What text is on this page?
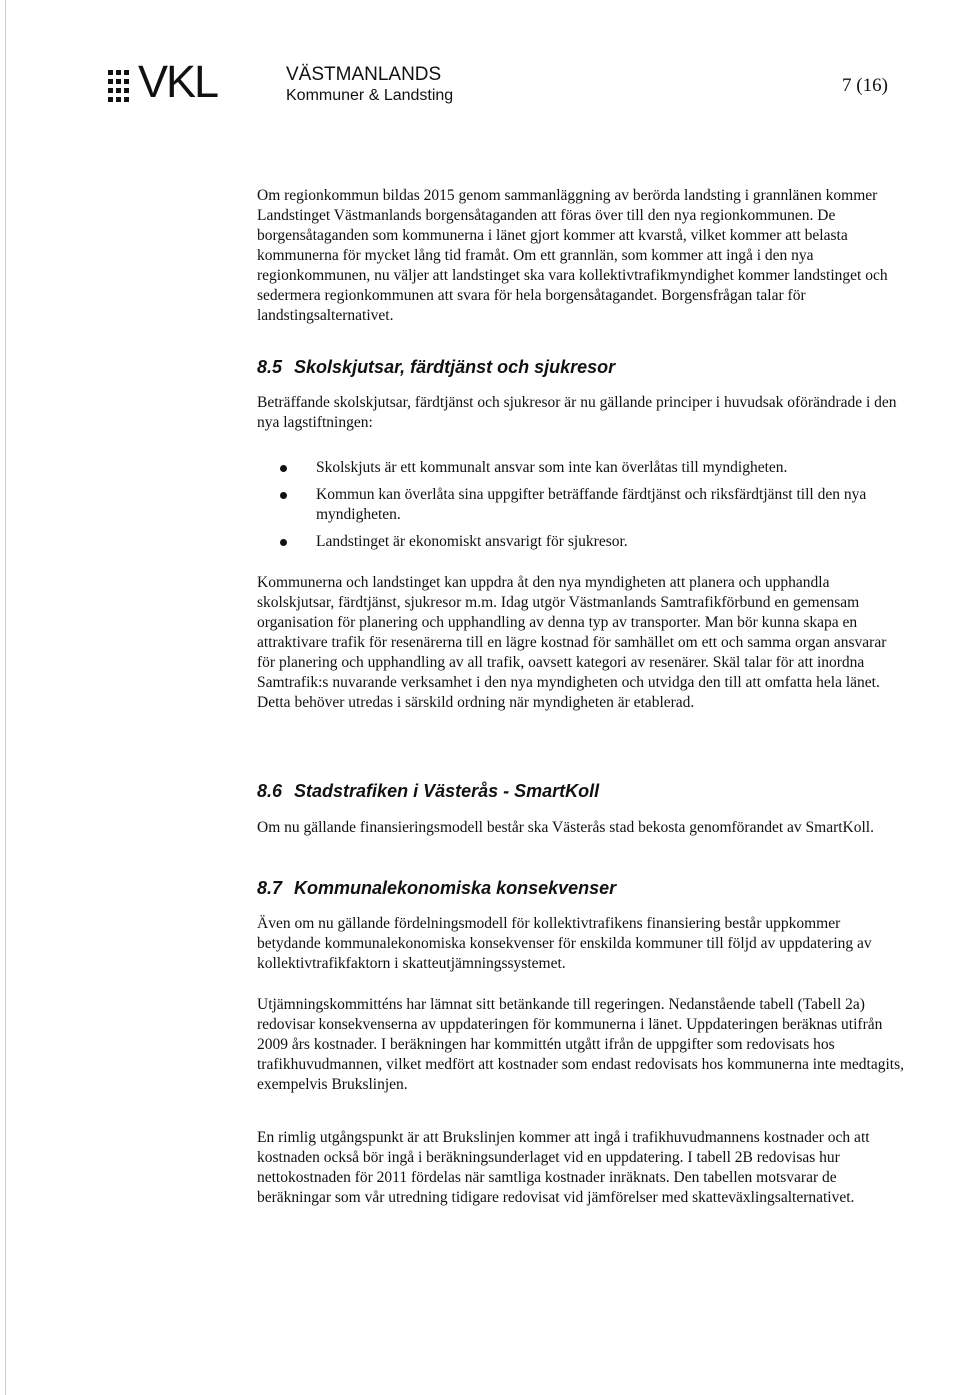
VKL	VÄSTMANLANDS
Kommuner & Landsting	7 (16)

Om regionkommun bildas 2015 genom sammanläggning av berörda landsting i grannlänen kommer Landstinget Västmanlands borgensåtaganden att föras över till den nya regionkommunen. De borgensåtaganden som kommunerna i länet gjort kommer att kvarstå, vilket kommer att belasta kommunerna för mycket lång tid framåt. Om ett grannlän, som kommer att ingå i den nya regionkommunen, nu väljer att landstinget ska vara kollektivtrafikmyndighet kommer landstinget och sedermera regionkommunen att svara för hela borgensåtagandet. Borgensfrågan talar för landstingsalternativet.

8.5 Skolskjutsar, färdtjänst och sjukresor

Beträffande skolskjutsar, färdtjänst och sjukresor är nu gällande principer i huvudsak oförändrade i den nya lagstiftningen:

Skolskjuts är ett kommunalt ansvar som inte kan överlåtas till myndigheten.
Kommun kan överlåta sina uppgifter beträffande färdtjänst och riksfärdtjänst till den nya myndigheten.
Landstinget är ekonomiskt ansvarigt för sjukresor.

Kommunerna och landstinget kan uppdra åt den nya myndigheten att planera och upphandla skolskjutsar, färdtjänst, sjukresor m.m. Idag utgör Västmanlands Samtrafikförbund en gemensam organisation för planering och upphandling av denna typ av transporter. Man bör kunna skapa en attraktivare trafik för resenärerna till en lägre kostnad för samhället om ett och samma organ ansvarar för planering och upphandling av all trafik, oavsett kategori av resenärer. Skäl talar för att inordna Samtrafik:s nuvarande verksamhet i den nya myndigheten och utvidga den till att omfatta hela länet. Detta behöver utredas i särskild ordning när myndigheten är etablerad.

8.6 Stadstrafiken i Västerås - SmartKoll

Om nu gällande finansieringsmodell består ska Västerås stad bekosta genomförandet av SmartKoll.

8.7 Kommunalekonomiska konsekvenser

Även om nu gällande fördelningsmodell för kollektivtrafikens finansiering består uppkommer betydande kommunalekonomiska konsekvenser för enskilda kommuner till följd av uppdatering av kollektivtrafikfaktorn i skatteutjämningssystemet.

Utjämningskommitténs har lämnat sitt betänkande till regeringen. Nedanstående tabell (Tabell 2a) redovisar konsekvenserna av uppdateringen för kommunerna i länet. Uppdateringen beräknas utifrån 2009 års kostnader. I beräkningen har kommittén utgått ifrån de uppgifter som redovisats hos trafikhuvudmannen, vilket medfört att kostnader som endast redovisats hos kommunerna inte medtagits, exempelvis Brukslinjen.

En rimlig utgångspunkt är att Brukslinjen kommer att ingå i trafikhuvudmannens kostnader och att kostnaden också bör ingå i beräkningsunderlaget vid en uppdatering. I tabell 2B redovisas hur nettokostnaden för 2011 fördelas när samtliga kostnader inräknats. Den tabellen motsvarar de beräkningar som vår utredning tidigare redovisat vid jämförelser med skatteväxlingsalternativet.
